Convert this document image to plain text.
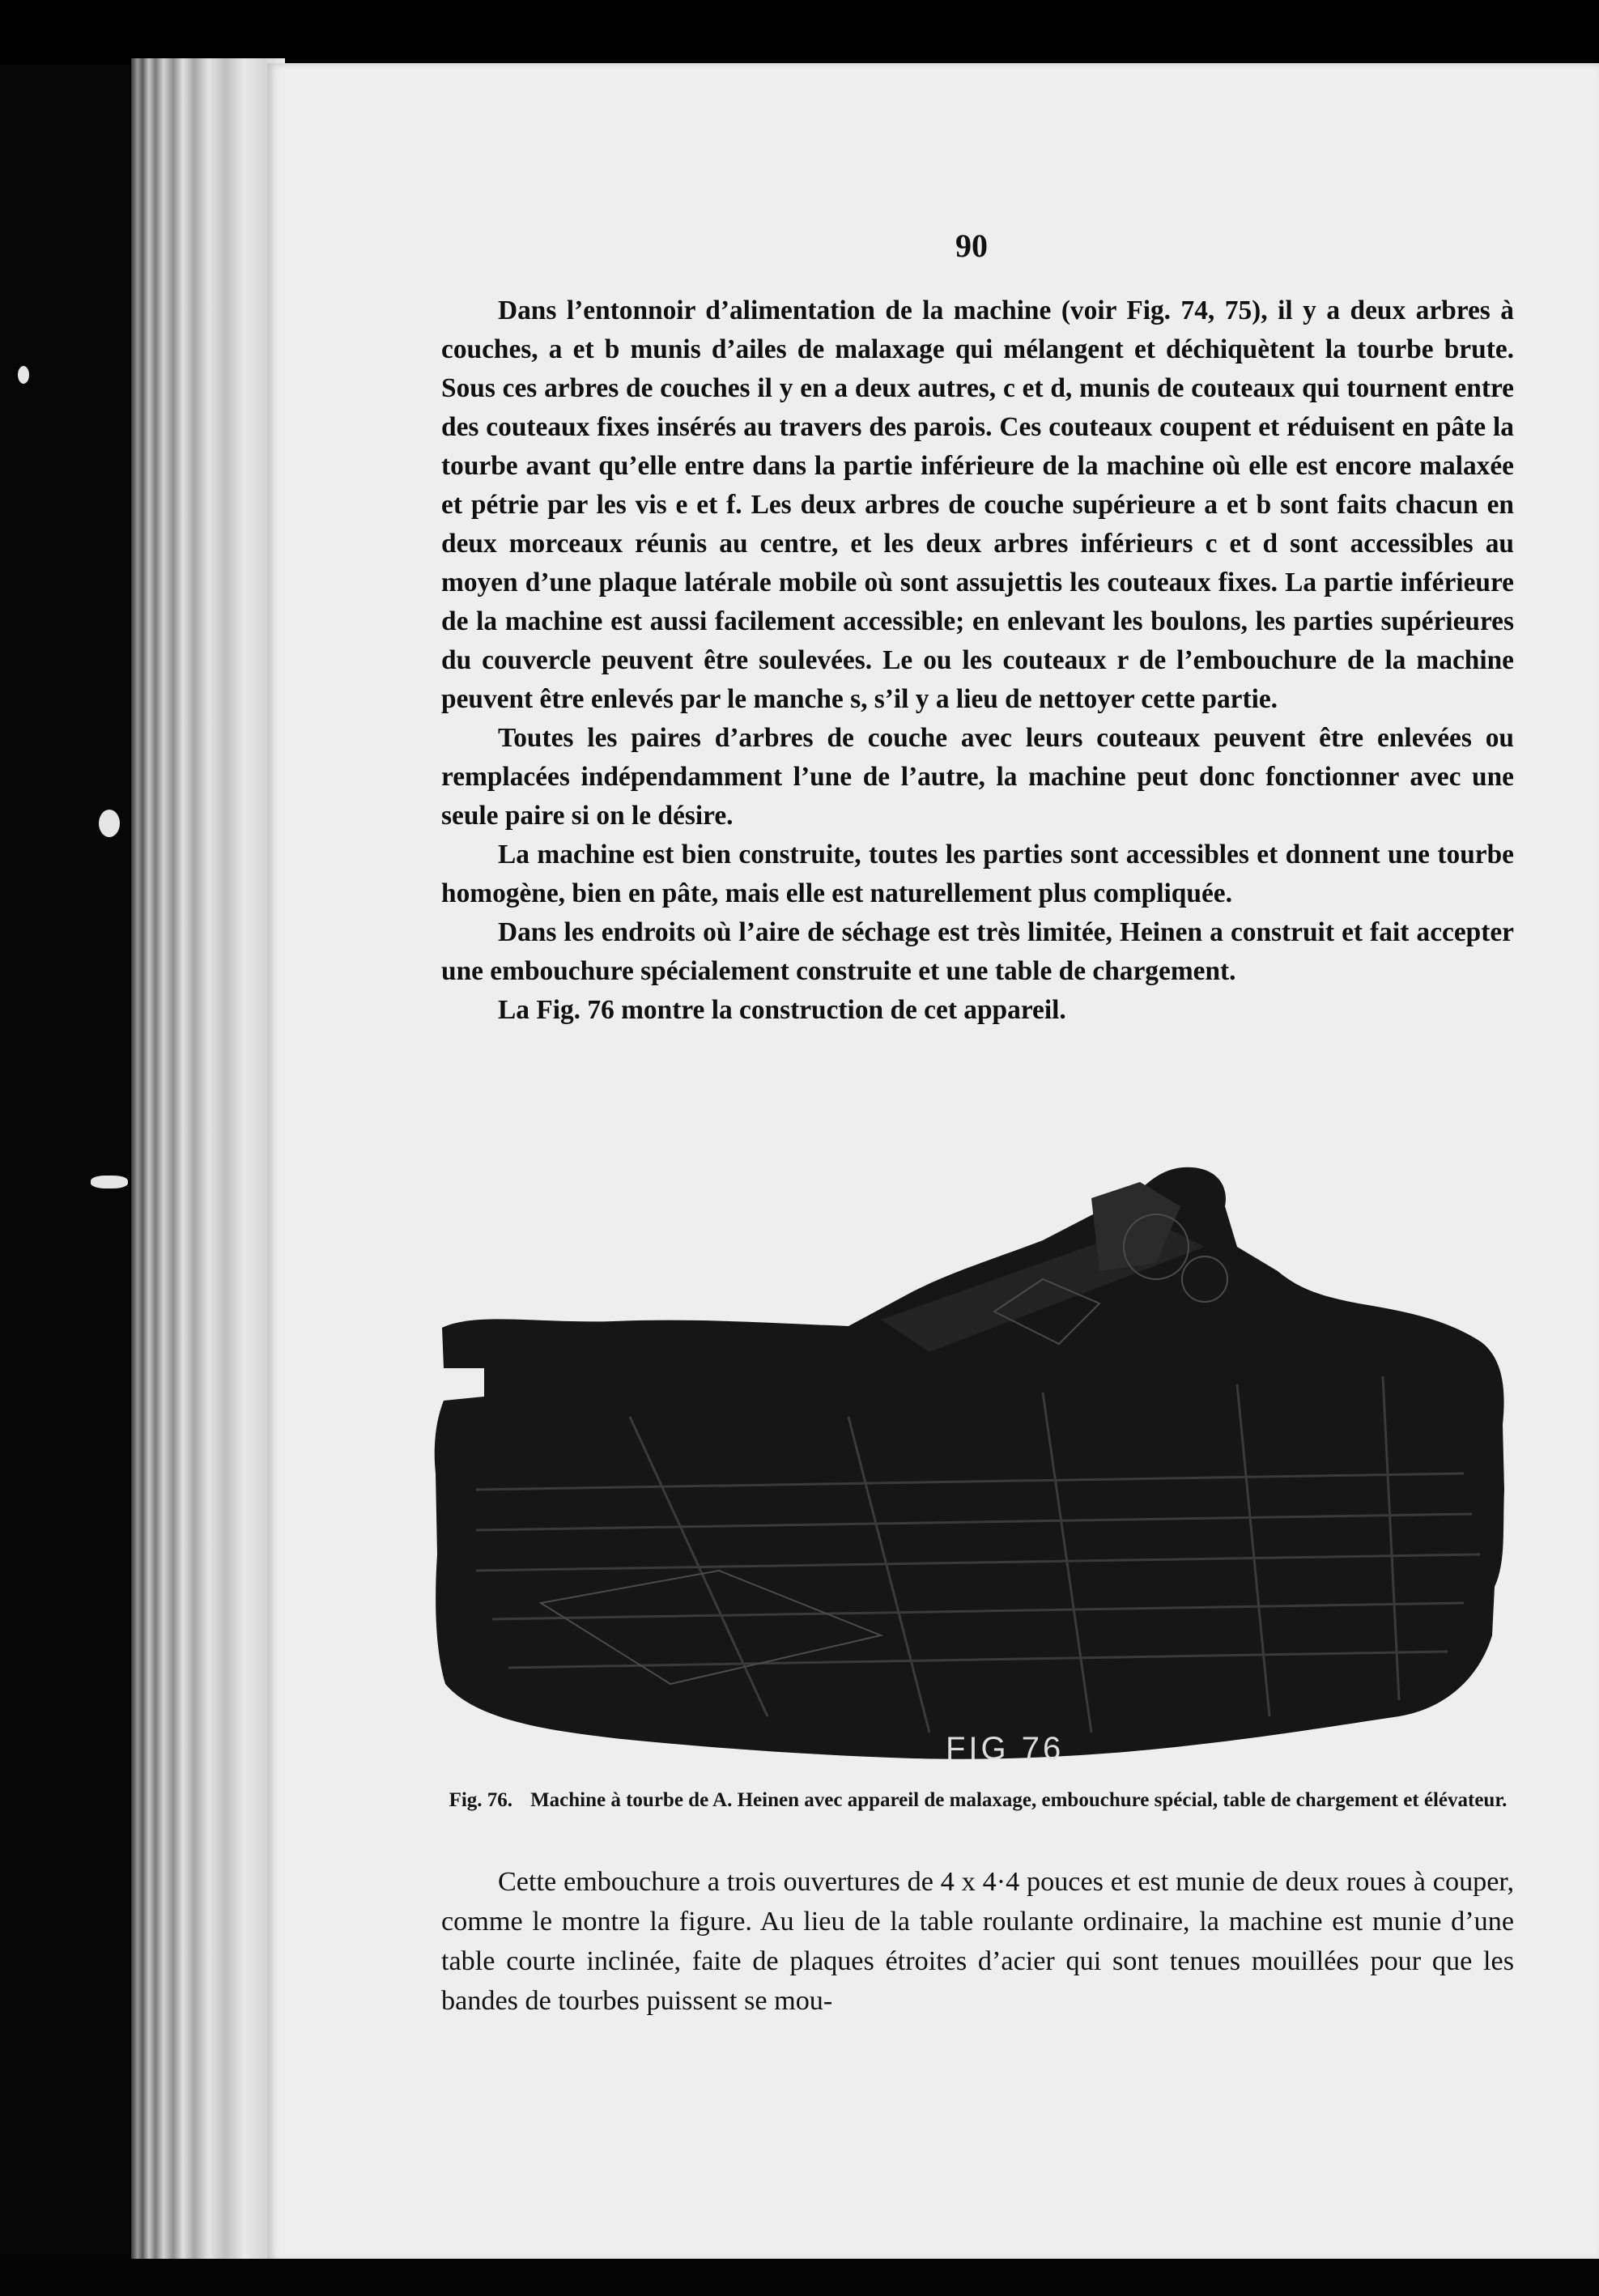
90

Dans l’entonnoir d’alimentation de la machine (voir Fig. 74, 75), il y a deux arbres à couches, a et b munis d’ailes de malaxage qui mélangent et déchiquètent la tourbe brute. Sous ces arbres de couches il y en a deux autres, c et d, munis de couteaux qui tournent entre des couteaux fixes insérés au travers des parois. Ces couteaux coupent et réduisent en pâte la tourbe avant qu’elle entre dans la partie inférieure de la machine où elle est encore malaxée et pétrie par les vis e et f. Les deux arbres de couche supérieure a et b sont faits chacun en deux morceaux réunis au centre, et les deux arbres inférieurs c et d sont accessibles au moyen d’une plaque latérale mobile où sont assujettis les couteaux fixes. La partie inférieure de la machine est aussi facilement accessible; en enlevant les boulons, les parties supérieures du couvercle peuvent être soulevées. Le ou les couteaux r de l’embouchure de la machine peuvent être enlevés par le manche s, s’il y a lieu de nettoyer cette partie.

Toutes les paires d’arbres de couche avec leurs couteaux peuvent être enlevées ou remplacées indépendamment l’une de l’autre, la machine peut donc fonctionner avec une seule paire si on le désire.

La machine est bien construite, toutes les parties sont accessibles et donnent une tourbe homogène, bien en pâte, mais elle est naturellement plus compliquée.

Dans les endroits où l’aire de séchage est très limitée, Heinen a construit et fait accepter une embouchure spécialement construite et une table de chargement.

La Fig. 76 montre la construction de cet appareil.

FIG 76
Fig. 76. Machine à tourbe de A. Heinen avec appareil de malaxage, embouchure spécial, table de chargement et élévateur.

Cette embouchure a trois ouvertures de 4 x 4·4 pouces et est munie de deux roues à couper, comme le montre la figure. Au lieu de la table roulante ordinaire, la machine est munie d’une table courte inclinée, faite de plaques étroites d’acier qui sont tenues mouillées pour que les bandes de tourbes puissent se mou-
